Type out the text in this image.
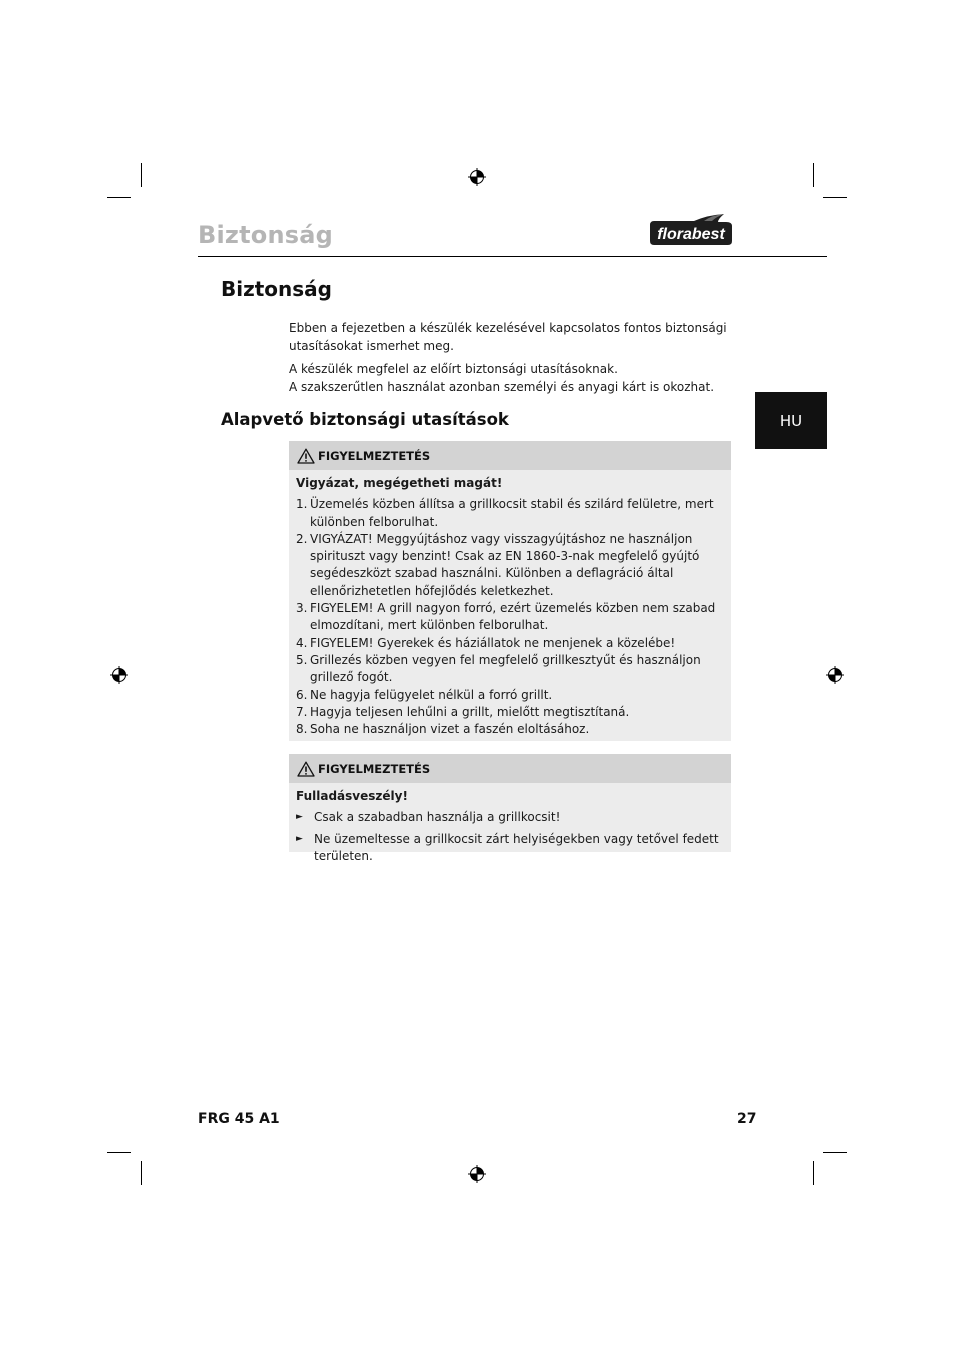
Biztonság	florabest
Biztonság
Ebben a fejezetben a készülék kezelésével kapcsolatos fontos biztonsági utasításokat ismerhet meg.
A készülék megfelel az előírt biztonsági utasításoknak.
A szakszerűtlen használat azonban személyi és anyagi kárt is okozhat.
Alapvető biztonsági utasítások	HU
FIGYELMEZTETÉS
Vigyázat, megégetheti magát!
1. Üzemelés közben állítsa a grillkocsit stabil és szilárd felületre, mert különben felborulhat.
2. VIGYÁZAT! Meggyújtáshoz vagy visszagyújtáshoz ne használjon spirituszt vagy benzint! Csak az EN 1860-3-nak megfelelő gyújtó segédeszközt szabad használni. Különben a deflagráció által ellenőrizhetetlen hőfejlődés keletkezhet.
3. FIGYELEM! A grill nagyon forró, ezért üzemelés közben nem szabad elmozdítani, mert különben felborulhat.
4. FIGYELEM! Gyerekek és háziállatok ne menjenek a közelébe!
5. Grillezés közben vegyen fel megfelelő grillkesztyűt és használjon grillező fogót.
6. Ne hagyja felügyelet nélkül a forró grillt.
7. Hagyja teljesen lehűlni a grillt, mielőtt megtisztítaná.
8. Soha ne használjon vizet a faszén eloltásához.
FIGYELMEZTETÉS
Fulladásveszély!
► Csak a szabadban használja a grillkocsit!
► Ne üzemeltesse a grillkocsit zárt helyiségekben vagy tetővel fedett területen.
FRG 45 A1	27
